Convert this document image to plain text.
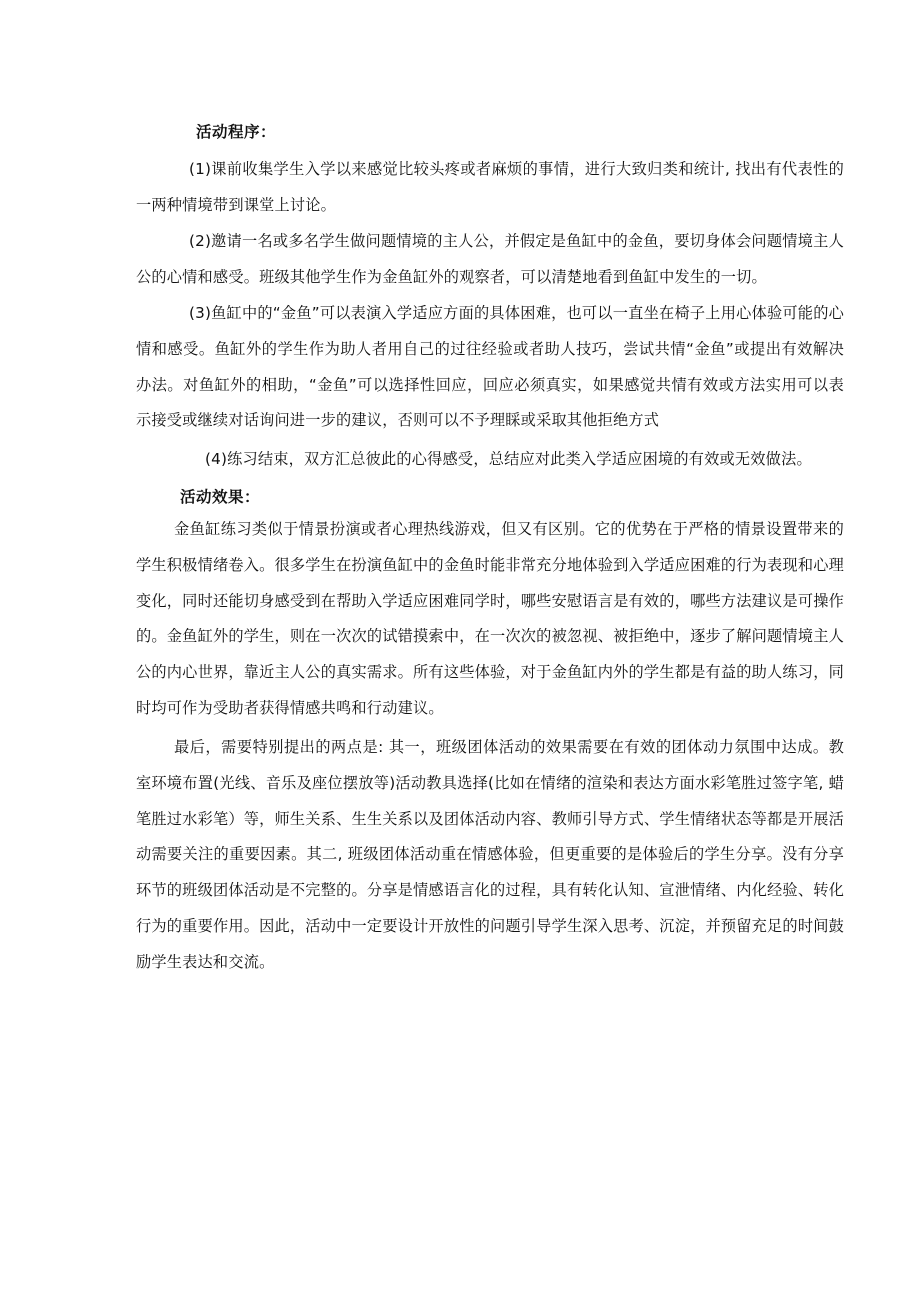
活动程序：

(1)课前收集学生入学以来感觉比较头疼或者麻烦的事情，进行大致归类和统计, 找出有代表性的一两种情境带到课堂上讨论。

(2)邀请一名或多名学生做问题情境的主人公，并假定是鱼缸中的金鱼，要切身体会问题情境主人公的心情和感受。班级其他学生作为金鱼缸外的观察者，可以清楚地看到鱼缸中发生的一切。

(3)鱼缸中的“金鱼”可以表演入学适应方面的具体困难，也可以一直坐在椅子上用心体验可能的心情和感受。鱼缸外的学生作为助人者用自己的过往经验或者助人技巧，尝试共情“金鱼”或提出有效解决办法。对鱼缸外的相助，“金鱼”可以选择性回应，回应必须真实，如果感觉共情有效或方法实用可以表示接受或继续对话询问进一步的建议，否则可以不予理睬或采取其他拒绝方式

(4)练习结束，双方汇总彼此的心得感受，总结应对此类入学适应困境的有效或无效做法。

活动效果：

金鱼缸练习类似于情景扮演或者心理热线游戏，但又有区别。它的优势在于严格的情景设置带来的学生积极情绪卷入。很多学生在扮演鱼缸中的金鱼时能非常充分地体验到入学适应困难的行为表现和心理变化，同时还能切身感受到在帮助入学适应困难同学时，哪些安慰语言是有效的，哪些方法建议是可操作的。金鱼缸外的学生，则在一次次的试错摸索中，在一次次的被忽视、被拒绝中，逐步了解问题情境主人公的内心世界，靠近主人公的真实需求。所有这些体验，对于金鱼缸内外的学生都是有益的助人练习，同时均可作为受助者获得情感共鸣和行动建议。

最后，需要特别提出的两点是: 其一，班级团体活动的效果需要在有效的团体动力氛围中达成。教室环境布置(光线、音乐及座位摆放等)活动教具选择(比如在情绪的渲染和表达方面水彩笔胜过签字笔, 蜡笔胜过水彩笔）等，师生关系、生生关系以及团体活动内容、教师引导方式、学生情绪状态等都是开展活动需要关注的重要因素。其二, 班级团体活动重在情感体验，但更重要的是体验后的学生分享。没有分享环节的班级团体活动是不完整的。分享是情感语言化的过程，具有转化认知、宣泄情绪、内化经验、转化行为的重要作用。因此，活动中一定要设计开放性的问题引导学生深入思考、沉淀，并预留充足的时间鼓励学生表达和交流。
